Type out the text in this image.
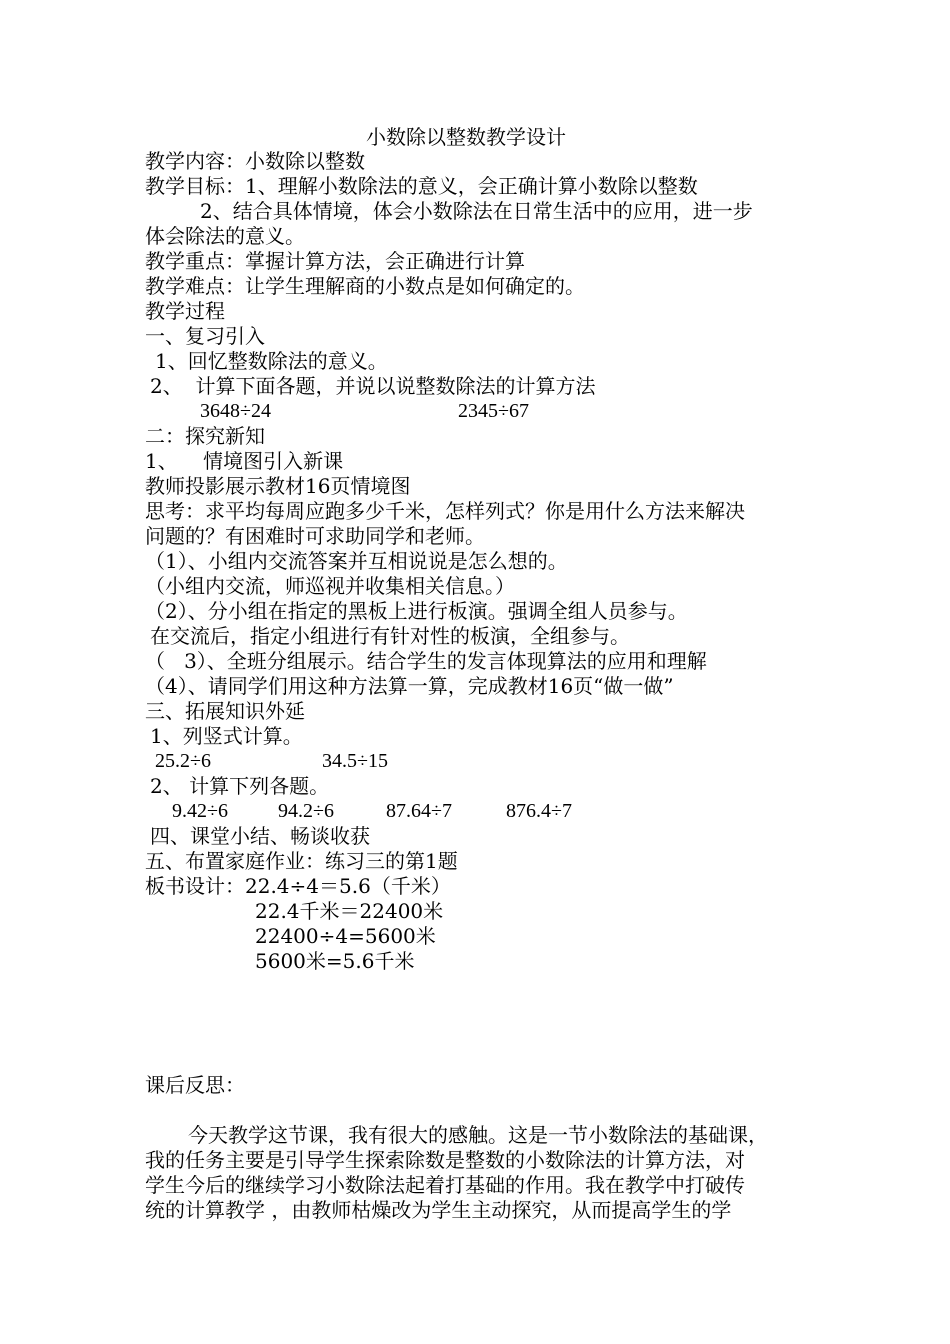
小数除以整数教学设计
教学内容：小数除以整数
教学目标：1、理解小数除法的意义，会正确计算小数除以整数
2、结合具体情境，体会小数除法在日常生活中的应用，进一步
体会除法的意义。
教学重点：掌握计算方法，会正确进行计算
教学难点：让学生理解商的小数点是如何确定的。
教学过程
一、复习引入
1、回忆整数除法的意义。
2、  计算下面各题，并说以说整数除法的计算方法
3648÷24	2345÷67
二：探究新知
1、    情境图引入新课
教师投影展示教材16页情境图
思考：求平均每周应跑多少千米，怎样列式？你是用什么方法来解决
问题的？有困难时可求助同学和老师。
（1）、小组内交流答案并互相说说是怎么想的。
（小组内交流，师巡视并收集相关信息。）
（2）、分小组在指定的黑板上进行板演。强调全组人员参与。
在交流后，指定小组进行有针对性的板演，全组参与。
（   3）、全班分组展示。结合学生的发言体现算法的应用和理解
（4）、请同学们用这种方法算一算，完成教材16页“做一做”
三、拓展知识外延
1、列竖式计算。
25.2÷6	34.5÷15
2、 计算下列各题。
9.42÷6	94.2÷6	87.64÷7	876.4÷7
四、课堂小结、畅谈收获
五、布置家庭作业：练习三的第1题
板书设计：22.4÷4＝5.6（千米）
22.4千米＝22400米
22400÷4=5600米
5600米=5.6千米
课后反思：
今天教学这节课，我有很大的感触。这是一节小数除法的基础课，
我的任务主要是引导学生探索除数是整数的小数除法的计算方法，对
学生今后的继续学习小数除法起着打基础的作用。我在教学中打破传
统的计算教学 ，由教师枯燥改为学生主动探究，从而提高学生的学
